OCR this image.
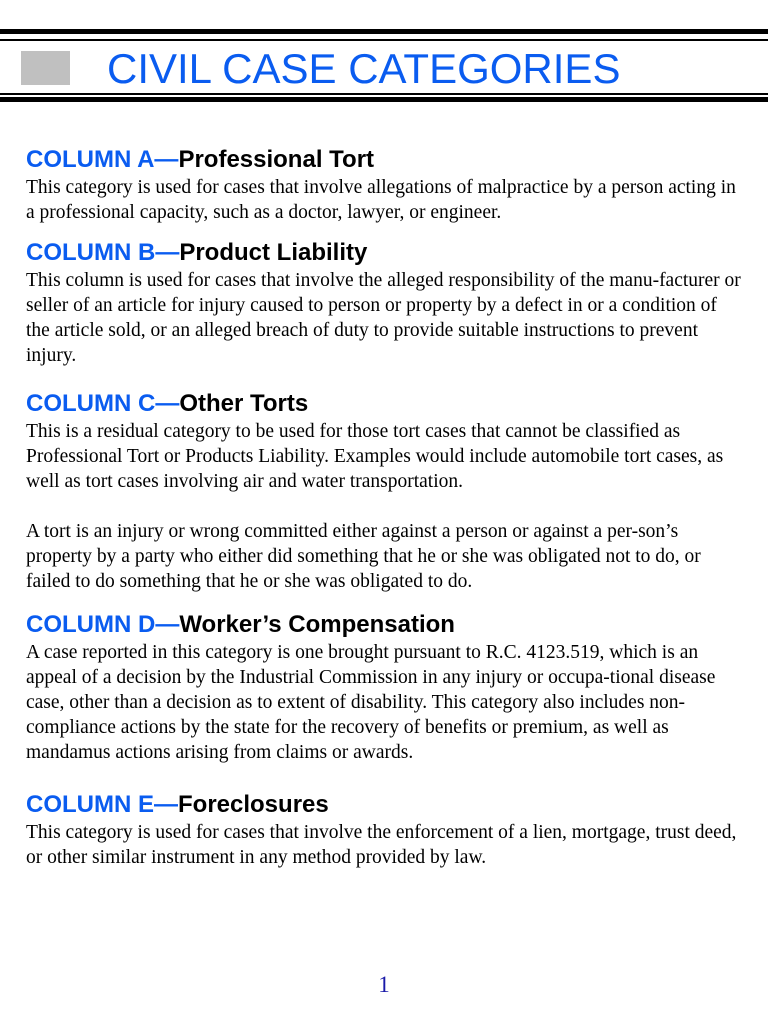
CIVIL CASE CATEGORIES
COLUMN A—Professional Tort

This category is used for cases that involve allegations of malpractice by a person acting in a professional capacity, such as a doctor, lawyer, or engineer.

COLUMN B—Product Liability

This column is used for cases that involve the alleged responsibility of the manu-facturer or seller of an article for injury caused to person or property by a defect in or a condition of the article sold, or an alleged breach of duty to provide suitable instructions to prevent injury.

COLUMN C—Other Torts

This is a residual category to be used for those tort cases that cannot be classified as Professional Tort or Products Liability. Examples would include automobile tort cases, as well as tort cases involving air and water transportation.

A tort is an injury or wrong committed either against a person or against a per-son’s property by a party who either did something that he or she was obligated not to do, or failed to do something that he or she was obligated to do.

COLUMN D—Worker’s Compensation

A case reported in this category is one brought pursuant to R.C. 4123.519, which is an appeal of a decision by the Industrial Commission in any injury or occupa-tional disease case, other than a decision as to extent of disability. This category also includes non-compliance actions by the state for the recovery of benefits or premium, as well as mandamus actions arising from claims or awards.

COLUMN E—Foreclosures

This category is used for cases that involve the enforcement of a lien, mortgage, trust deed, or other similar instrument in any method provided by law.

1
